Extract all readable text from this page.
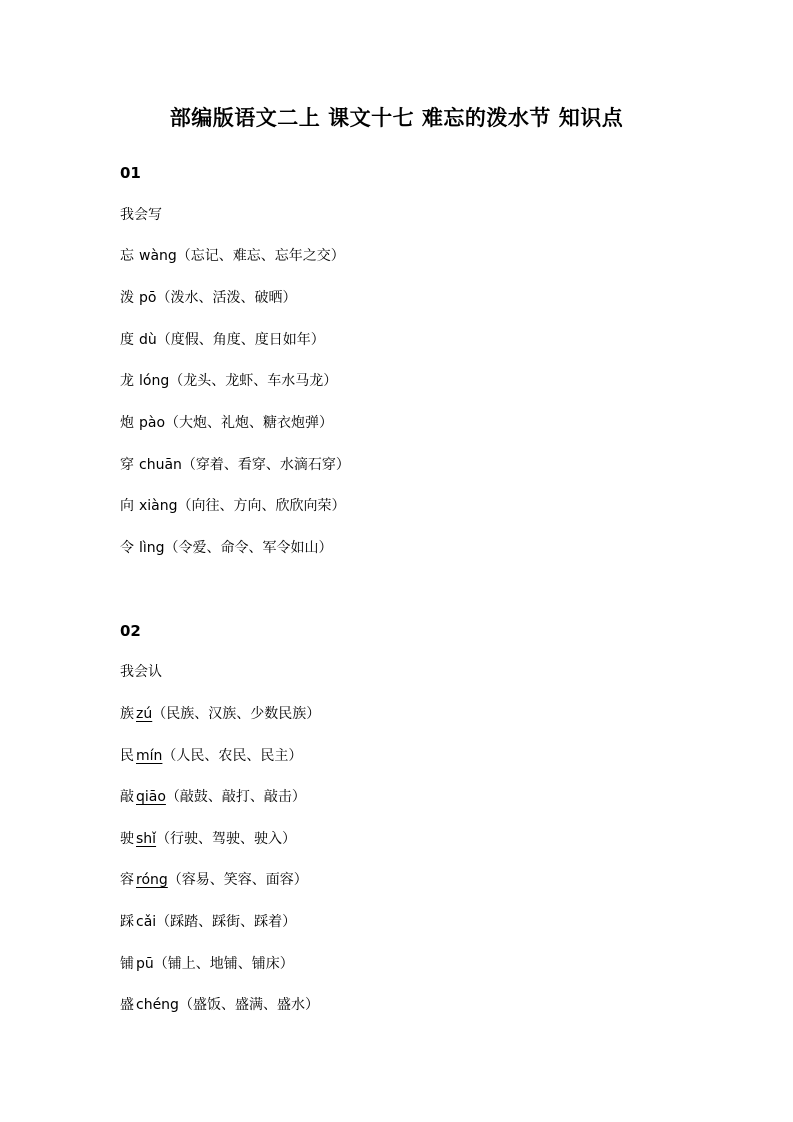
部编版语文二上 课文十七 难忘的泼水节 知识点
01
我会写
忘 wàng（忘记、难忘、忘年之交）
泼 pō（泼水、活泼、破晒）
度 dù（度假、角度、度日如年）
龙 lóng（龙头、龙虾、车水马龙）
炮 pào（大炮、礼炮、糖衣炮弹）
穿 chuān（穿着、看穿、水滴石穿）
向 xiàng（向往、方向、欣欣向荣）
令 lìng（令爱、命令、军令如山）
02
我会认
族 zú（民族、汉族、少数民族）
民 mín（人民、农民、民主）
敲 qiāo（敲鼓、敲打、敲击）
驶 shǐ（行驶、驾驶、驶入）
容 róng（容易、笑容、面容）
踩 cǎi（踩踏、踩街、踩着）
铺 pū（铺上、地铺、铺床）
盛 chéng（盛饭、盛满、盛水）
